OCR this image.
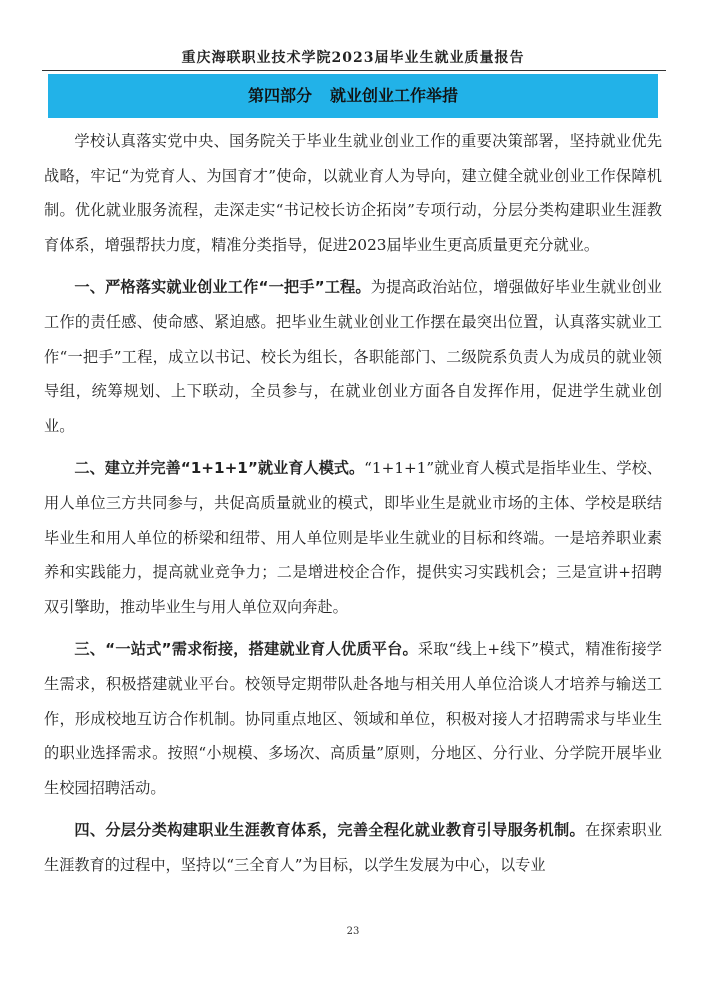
重庆海联职业技术学院2023届毕业生就业质量报告
第四部分 就业创业工作举措

学校认真落实党中央、国务院关于毕业生就业创业工作的重要决策部署，坚持就业优先战略，牢记“为党育人、为国育才”使命，以就业育人为导向，建立健全就业创业工作保障机制。优化就业服务流程，走深走实“书记校长访企拓岗”专项行动，分层分类构建职业生涯教育体系，增强帮扶力度，精准分类指导，促进2023届毕业生更高质量更充分就业。

一、严格落实就业创业工作“一把手”工程。为提高政治站位，增强做好毕业生就业创业工作的责任感、使命感、紧迫感。把毕业生就业创业工作摆在最突出位置，认真落实就业工作“一把手”工程，成立以书记、校长为组长，各职能部门、二级院系负责人为成员的就业领导组，统筹规划、上下联动，全员参与，在就业创业方面各自发挥作用，促进学生就业创业。

二、建立并完善“1+1+1”就业育人模式。“1+1+1”就业育人模式是指毕业生、学校、用人单位三方共同参与，共促高质量就业的模式，即毕业生是就业市场的主体、学校是联结毕业生和用人单位的桥梁和纽带、用人单位则是毕业生就业的目标和终端。一是培养职业素养和实践能力，提高就业竞争力；二是增进校企合作，提供实习实践机会；三是宣讲+招聘双引擎助，推动毕业生与用人单位双向奔赴。

三、“一站式”需求衔接，搭建就业育人优质平台。采取“线上+线下”模式，精准衔接学生需求，积极搭建就业平台。校领导定期带队赴各地与相关用人单位洽谈人才培养与输送工作，形成校地互访合作机制。协同重点地区、领域和单位，积极对接人才招聘需求与毕业生的职业选择需求。按照“小规模、多场次、高质量”原则，分地区、分行业、分学院开展毕业生校园招聘活动。

四、分层分类构建职业生涯教育体系，完善全程化就业教育引导服务机制。在探索职业生涯教育的过程中，坚持以“三全育人”为目标，以学生发展为中心，以专业

23
